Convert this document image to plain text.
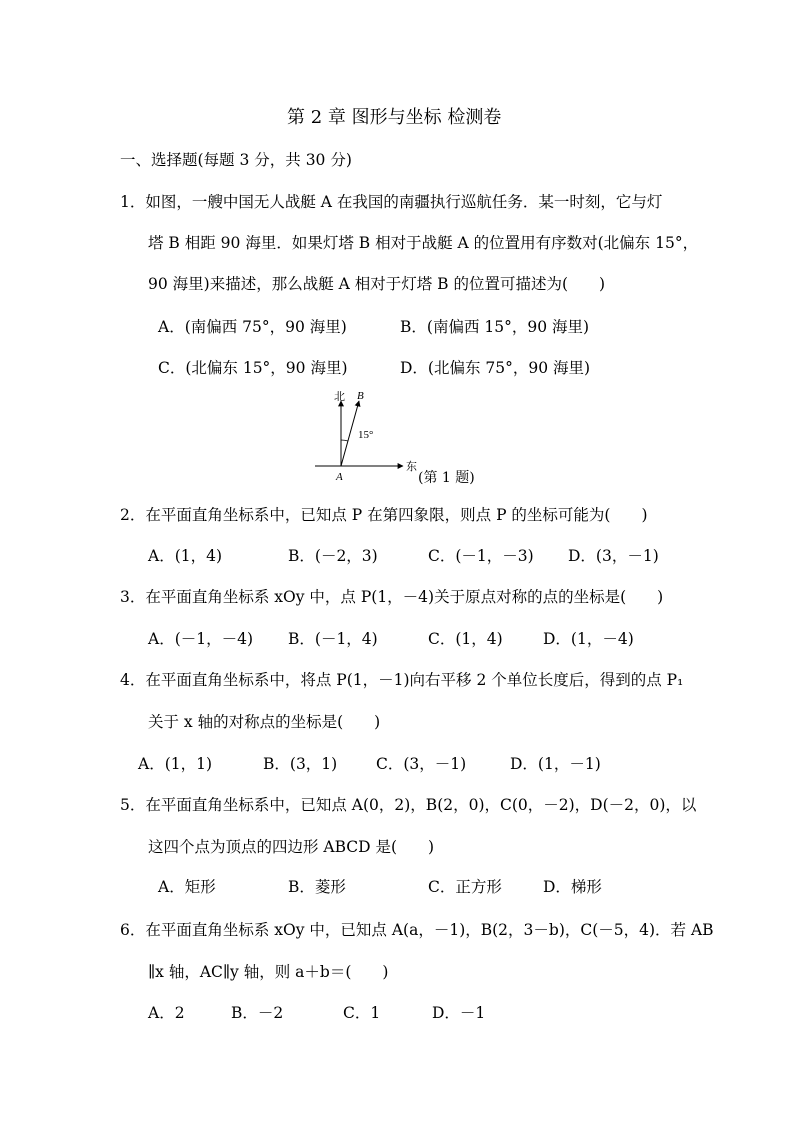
第 2 章 图形与坐标 检测卷
一、选择题(每题 3 分，共 30 分)
1．如图，一艘中国无人战艇 A 在我国的南疆执行巡航任务．某一时刻，它与灯
塔 B 相距 90 海里．如果灯塔 B 相对于战艇 A 的位置用有序数对(北偏东 15°，
90 海里)来描述，那么战艇 A 相对于灯塔 B 的位置可描述为(　　)
A．(南偏西 75°，90 海里)	B．(南偏西 15°，90 海里)
C．(北偏东 15°，90 海里)	D．(北偏东 75°，90 海里)
北 B
15°
A
东
(第 1 题)
2．在平面直角坐标系中，已知点 P 在第四象限，则点 P 的坐标可能为(　　)
A．(1，4)	B．(－2，3)	C．(－1，－3) D．(3，－1)
3．在平面直角坐标系 xOy 中，点 P(1，－4)关于原点对称的点的坐标是(　　)
A．(－1，－4) B．(－1，4)	C．(1，4)	D．(1，－4)
4．在平面直角坐标系中，将点 P(1，－1)向右平移 2 个单位长度后，得到的点 P₁
关于 x 轴的对称点的坐标是(　　)
A．(1，1)	B．(3，1)	C．(3，－1)	D．(1，－1)
5．在平面直角坐标系中，已知点 A(0，2)，B(2，0)，C(0，－2)，D(－2，0)，以
这四个点为顶点的四边形 ABCD 是(　　)
A．矩形	B．菱形	C．正方形	D．梯形
6．在平面直角坐标系 xOy 中，已知点 A(a，－1)，B(2，3－b)，C(－5，4)．若 AB
∥x 轴，AC∥y 轴，则 a＋b＝(　　)
A．2	B．－2	C．1	D．－1
